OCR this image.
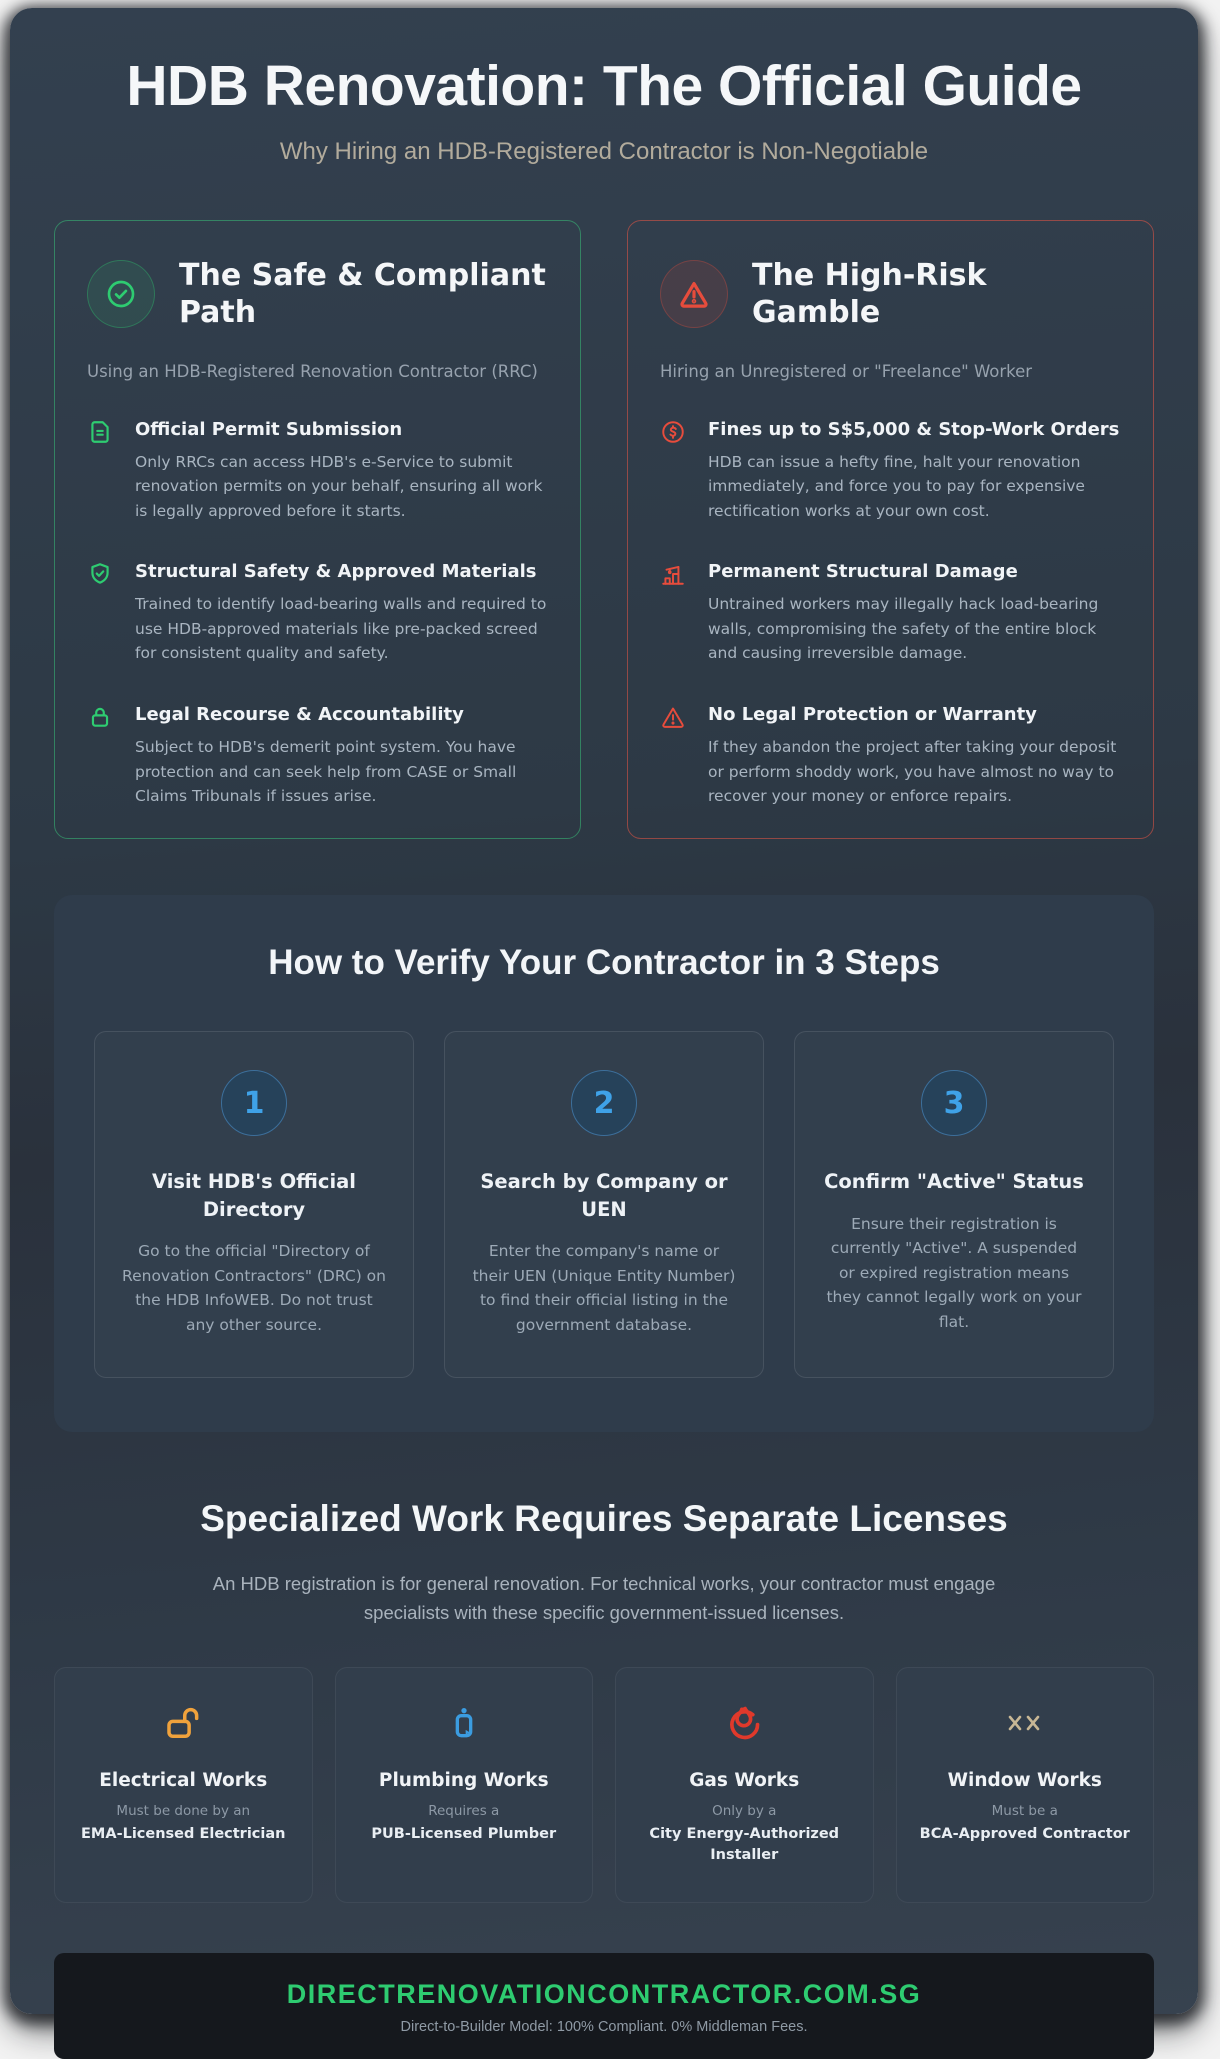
HDB Renovation: The Official Guide
Why Hiring an HDB-Registered Contractor is Non-Negotiable
The Safe & Compliant Path
Using an HDB-Registered Renovation Contractor (RRC)
Official Permit Submission
Only RRCs can access HDB's e-Service to submit renovation permits on your behalf, ensuring all work is legally approved before it starts.
Structural Safety & Approved Materials
Trained to identify load-bearing walls and required to use HDB-approved materials like pre-packed screed for consistent quality and safety.
Legal Recourse & Accountability
Subject to HDB's demerit point system. You have protection and can seek help from CASE or Small Claims Tribunals if issues arise.
The High-Risk Gamble
Hiring an Unregistered or "Freelance" Worker
Fines up to S$5,000 & Stop-Work Orders
HDB can issue a hefty fine, halt your renovation immediately, and force you to pay for expensive rectification works at your own cost.
Permanent Structural Damage
Untrained workers may illegally hack load-bearing walls, compromising the safety of the entire block and causing irreversible damage.
No Legal Protection or Warranty
If they abandon the project after taking your deposit or perform shoddy work, you have almost no way to recover your money or enforce repairs.
How to Verify Your Contractor in 3 Steps
1
Visit HDB's Official Directory
Go to the official "Directory of Renovation Contractors" (DRC) on the HDB InfoWEB. Do not trust any other source.
2
Search by Company or UEN
Enter the company's name or their UEN (Unique Entity Number) to find their official listing in the government database.
3
Confirm "Active" Status
Ensure their registration is currently "Active". A suspended or expired registration means they cannot legally work on your flat.
Specialized Work Requires Separate Licenses
An HDB registration is for general renovation. For technical works, your contractor must engage specialists with these specific government-issued licenses.
Electrical Works
Must be done by an
EMA-Licensed Electrician
Plumbing Works
Requires a
PUB-Licensed Plumber
Gas Works
Only by a
City Energy-Authorized Installer
Window Works
Must be a
BCA-Approved Contractor
DIRECTRENOVATIONCONTRACTOR.COM.SG
Direct-to-Builder Model: 100% Compliant. 0% Middleman Fees.
